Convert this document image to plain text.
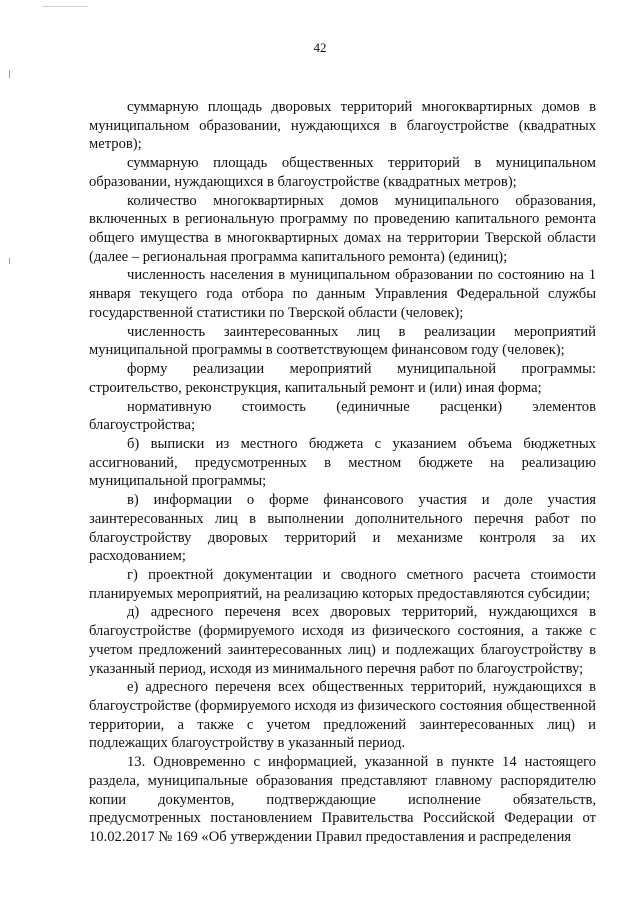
42

суммарную площадь дворовых территорий многоквартирных домов в муниципальном образовании, нуждающихся в благоустройстве (квадратных метров);

суммарную площадь общественных территорий в муниципальном образовании, нуждающихся в благоустройстве (квадратных метров);

количество многоквартирных домов муниципального образования, включенных в региональную программу по проведению капитального ремонта общего имущества в многоквартирных домах на территории Тверской области (далее – региональная программа капитального ремонта) (единиц);

численность населения в муниципальном образовании по состоянию на 1 января текущего года отбора по данным Управления Федеральной службы государственной статистики по Тверской области (человек);

численность заинтересованных лиц в реализации мероприятий муниципальной программы в соответствующем финансовом году (человек);

форму реализации мероприятий муниципальной программы: строительство, реконструкция, капитальный ремонт и (или) иная форма;

нормативную стоимость (единичные расценки) элементов благоустройства;

б) выписки из местного бюджета с указанием объема бюджетных ассигнований, предусмотренных в местном бюджете на реализацию муниципальной программы;

в) информации о форме финансового участия и доле участия заинтересованных лиц в выполнении дополнительного перечня работ по благоустройству дворовых территорий и механизме контроля за их расходованием;

г) проектной документации и сводного сметного расчета стоимости планируемых мероприятий, на реализацию которых предоставляются субсидии;

д) адресного переченя всех дворовых территорий, нуждающихся в благоустройстве (формируемого исходя из физического состояния, а также с учетом предложений заинтересованных лиц) и подлежащих благоустройству в указанный период, исходя из минимального перечня работ по благоустройству;

е) адресного переченя всех общественных территорий, нуждающихся в благоустройстве (формируемого исходя из физического состояния общественной территории, а также с учетом предложений заинтересованных лиц) и подлежащих благоустройству в указанный период.

13. Одновременно с информацией, указанной в пункте 14 настоящего раздела, муниципальные образования представляют главному распорядителю копии документов, подтверждающие исполнение обязательств, предусмотренных постановлением Правительства Российской Федерации от 10.02.2017 № 169 «Об утверждении Правил предоставления и распределения
